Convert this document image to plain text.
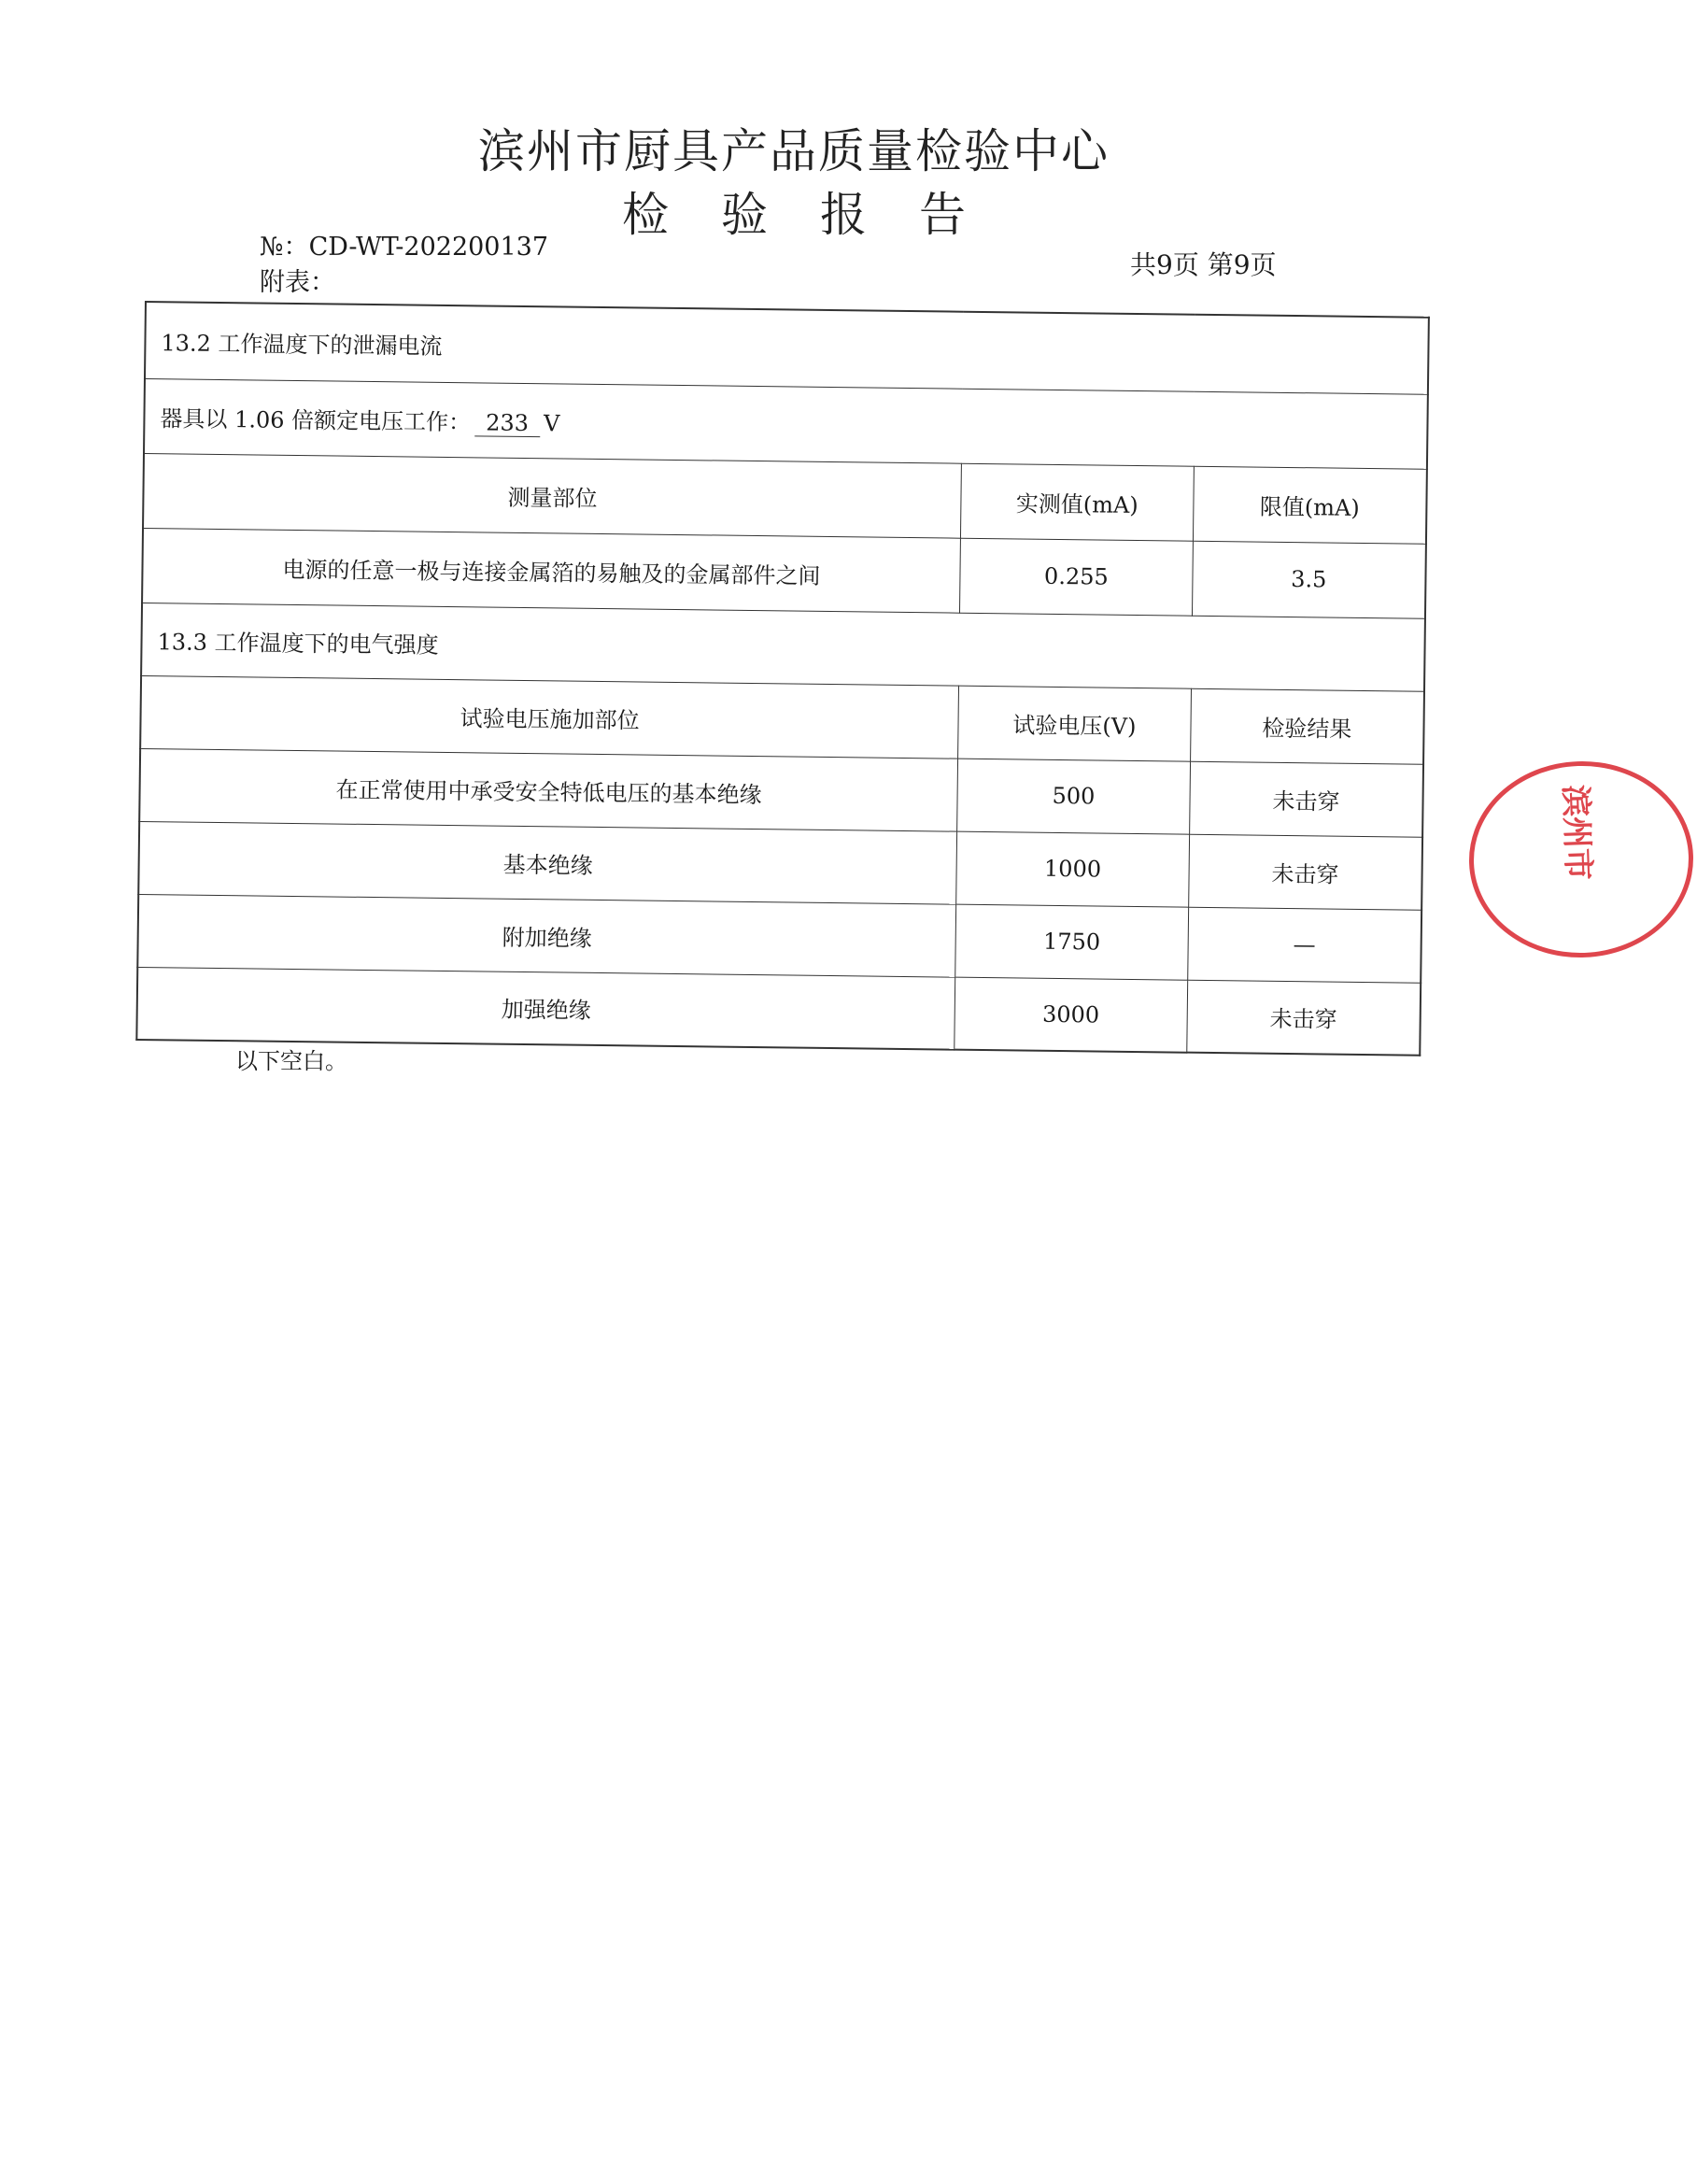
滨州市厨具产品质量检验中心
检 验 报 告
№：CD-WT-202200137
附表：
共9页 第9页
13.2 工作温度下的泄漏电流		
器具以 1.06 倍额定电压工作： 233 V		
测量部位	实测值(mA)	限值(mA)
电源的任意一极与连接金属箔的易触及的金属部件之间	0.255	3.5
13.3 工作温度下的电气强度		
试验电压施加部位	试验电压(V)	检验结果
在正常使用中承受安全特低电压的基本绝缘	500	未击穿
基本绝缘	1000	未击穿
附加绝缘	1750	—
加强绝缘	3000	未击穿
以下空白。
滨州市
